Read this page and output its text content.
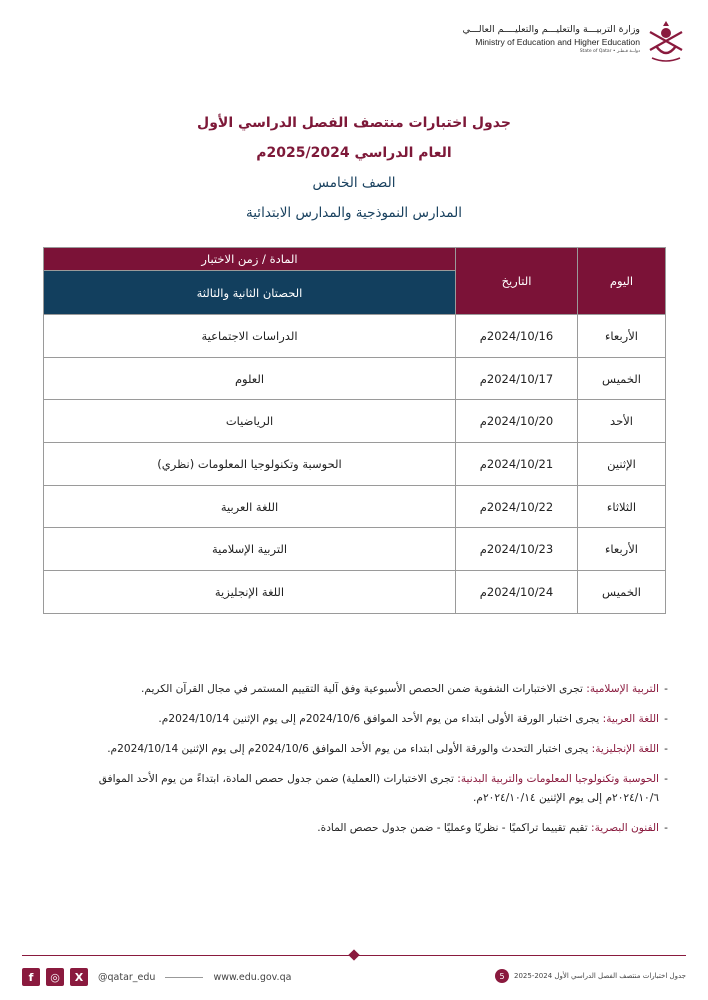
وزارة التربيـــة والتعليـــم والتعليــــم العالـــي
Ministry of Education and Higher Education
State of Qatar • دولــة قـطـر
جدول اختبارات منتصف الفصل الدراسي الأول
العام الدراسي 2025/2024م
الصف الخامس
المدارس النموذجية والمدارس الابتدائية
اليوم	التاريخ	المادة / زمن الاختبار
		الحصتان الثانية والثالثة
الأربعاء	2024/10/16م	الدراسات الاجتماعية
الخميس	2024/10/17م	العلوم
الأحد	2024/10/20م	الرياضيات
الإثنين	2024/10/21م	الحوسبة وتكنولوجيا المعلومات (نظري)
الثلاثاء	2024/10/22م	اللغة العربية
الأربعاء	2024/10/23م	التربية الإسلامية
الخميس	2024/10/24م	اللغة الإنجليزية
- التربية الإسلامية: تجرى الاختبارات الشفوية ضمن الحصص الأسبوعية وفق آلية التقييم المستمر في مجال القرآن الكريم.
- اللغة العربية: يجرى اختبار الورقة الأولى ابتداء من يوم الأحد الموافق 2024/10/6م إلى يوم الإثنين 2024/10/14م.
- اللغة الإنجليزية: يجرى اختبار التحدث والورقة الأولى ابتداء من يوم الأحد الموافق 2024/10/6م إلى يوم الإثنين 2024/10/14م.
- الحوسبة وتكنولوجيا المعلومات والتربية البدنية: تجرى الاختبارات (العملية) ضمن جدول حصص المادة، ابتداءً من يوم الأحد الموافق ٢٠٢٤/١٠/٦م إلى يوم الإثنين ٢٠٢٤/١٠/١٤م.
- الفنون البصرية: تقيم تقييما تراكميًا - نظريًا وعمليًا - ضمن جدول حصص المادة.
f	◎	X	@qatar_edu	www.edu.gov.qa	جدول اختبارات منتصف الفصل الدراسي الأول 2024-2025
5
